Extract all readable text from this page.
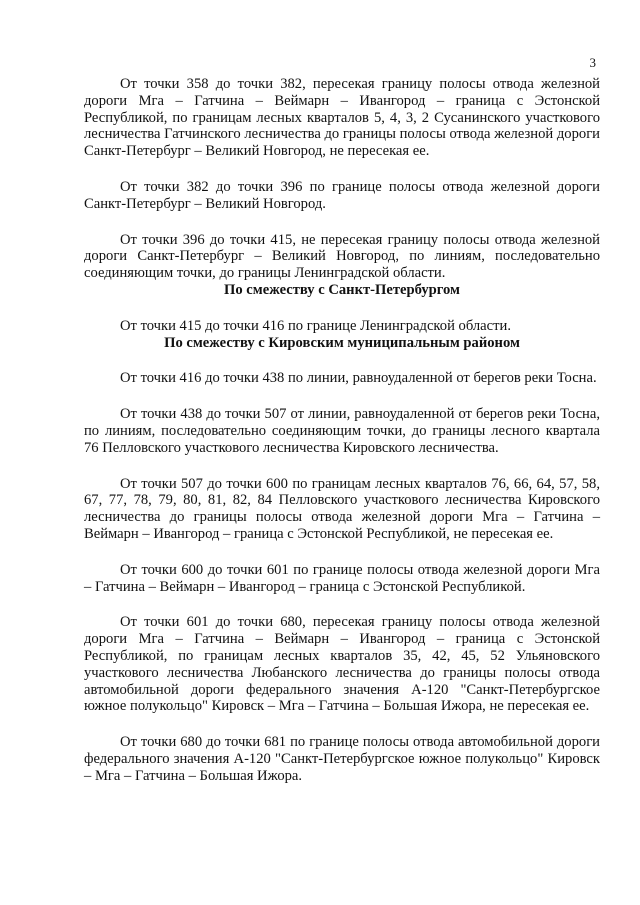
3

От точки 358 до точки 382, пересекая границу полосы отвода железной дороги Мга – Гатчина – Веймарн – Ивангород – граница с Эстонской Республикой, по границам лесных кварталов 5, 4, 3, 2 Сусанинского участкового лесничества Гатчинского лесничества до границы полосы отвода железной дороги Санкт-Петербург – Великий Новгород, не пересекая ее.

От точки 382 до точки 396 по границе полосы отвода железной дороги Санкт-Петербург – Великий Новгород.

От точки 396 до точки 415, не пересекая границу полосы отвода железной дороги Санкт-Петербург – Великий Новгород, по линиям, последовательно соединяющим точки, до границы Ленинградской области.

По смежеству с Санкт-Петербургом

От точки 415 до точки 416 по границе Ленинградской области.

По смежеству с Кировским муниципальным районом

От точки 416 до точки 438 по линии, равноудаленной от берегов реки Тосна.

От точки 438 до точки 507 от линии, равноудаленной от берегов реки Тосна, по линиям, последовательно соединяющим точки, до границы лесного квартала 76 Пелловского участкового лесничества Кировского лесничества.

От точки 507 до точки 600 по границам лесных кварталов 76, 66, 64, 57, 58, 67, 77, 78, 79, 80, 81, 82, 84 Пелловского участкового лесничества Кировского лесничества до границы полосы отвода железной дороги Мга – Гатчина – Веймарн – Ивангород – граница с Эстонской Республикой, не пересекая ее.

От точки 600 до точки 601 по границе полосы отвода железной дороги Мга – Гатчина – Веймарн – Ивангород – граница с Эстонской Республикой.

От точки 601 до точки 680, пересекая границу полосы отвода железной дороги Мга – Гатчина – Веймарн – Ивангород – граница с Эстонской Республикой, по границам лесных кварталов 35, 42, 45, 52 Ульяновского участкового лесничества Любанского лесничества до границы полосы отвода автомобильной дороги федерального значения А-120 "Санкт-Петербургское южное полукольцо" Кировск – Мга – Гатчина – Большая Ижора, не пересекая ее.

От точки 680 до точки 681 по границе полосы отвода автомобильной дороги федерального значения А-120 "Санкт-Петербургское южное полукольцо" Кировск – Мга – Гатчина – Большая Ижора.
